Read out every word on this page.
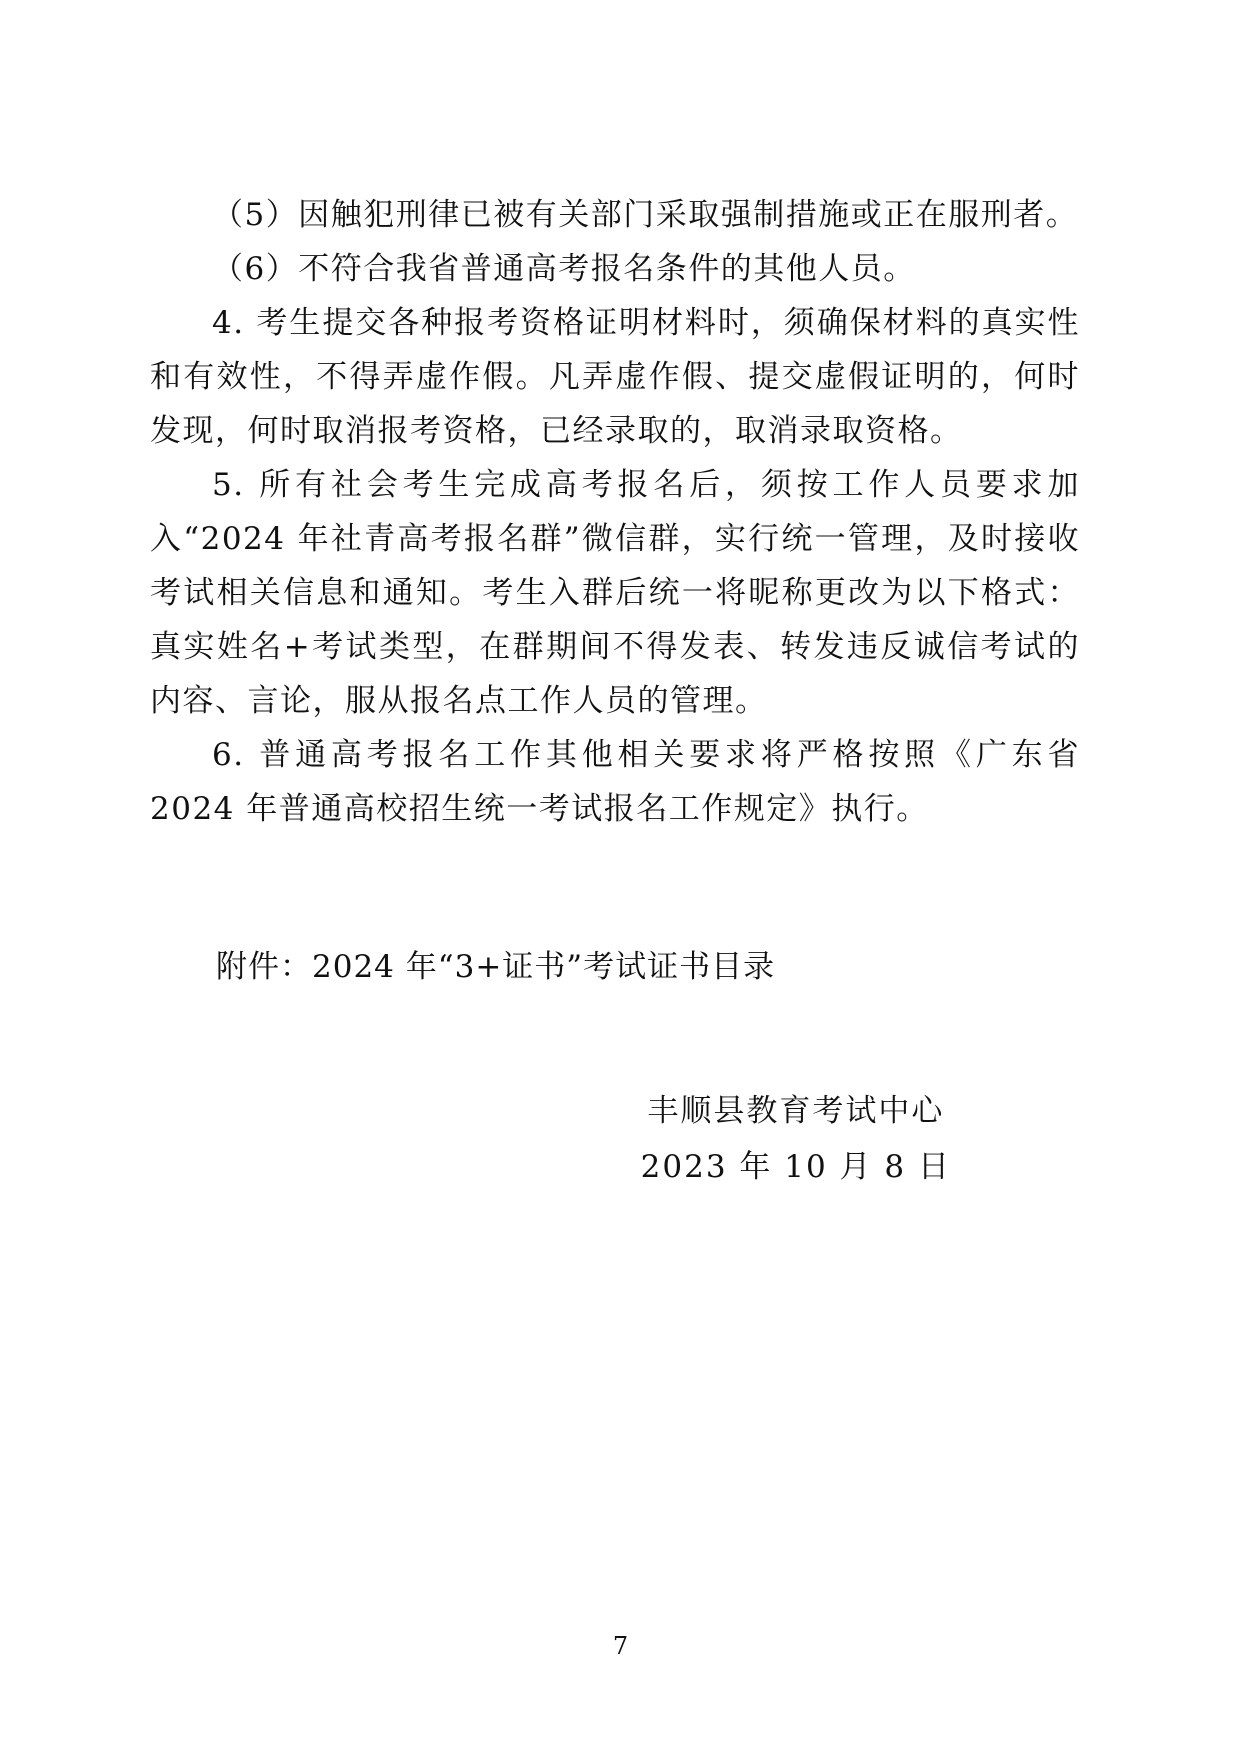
（5）因触犯刑律已被有关部门采取强制措施或正在服刑者。

（6）不符合我省普通高考报名条件的其他人员。

4. 考生提交各种报考资格证明材料时，须确保材料的真实性和有效性，不得弄虚作假。凡弄虚作假、提交虚假证明的，何时发现，何时取消报考资格，已经录取的，取消录取资格。

5. 所有社会考生完成高考报名后，须按工作人员要求加入“2024 年社青高考报名群”微信群，实行统一管理，及时接收考试相关信息和通知。考生入群后统一将昵称更改为以下格式：真实姓名+考试类型，在群期间不得发表、转发违反诚信考试的内容、言论，服从报名点工作人员的管理。

6. 普通高考报名工作其他相关要求将严格按照《广东省 2024 年普通高校招生统一考试报名工作规定》执行。

附件：2024 年“3+证书”考试证书目录

丰顺县教育考试中心
2023 年 10 月 8 日
7
